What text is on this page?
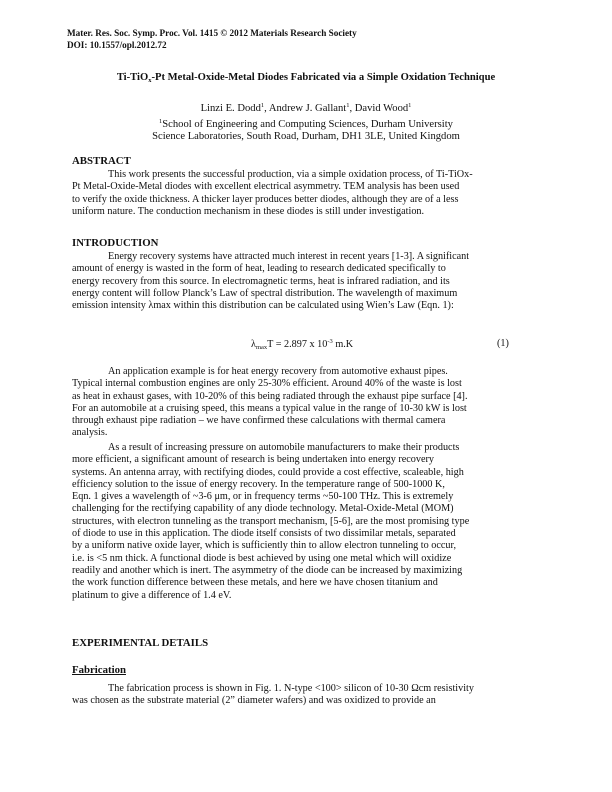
Mater. Res. Soc. Symp. Proc. Vol. 1415 © 2012 Materials Research Society
DOI: 10.1557/opl.2012.72
Ti-TiO$_x$-Pt Metal-Oxide-Metal Diodes Fabricated via a Simple Oxidation Technique
Linzi E. Dodd$^1$, Andrew J. Gallant$^1$, David Wood$^1$
$^1$School of Engineering and Computing Sciences, Durham University
Science Laboratories, South Road, Durham, DH1 3LE, United Kingdom
ABSTRACT
This work presents the successful production, via a simple oxidation process, of Ti-TiOx-
Pt Metal-Oxide-Metal diodes with excellent electrical asymmetry. TEM analysis has been used
to verify the oxide thickness. A thicker layer produces better diodes, although they are of a less
uniform nature. The conduction mechanism in these diodes is still under investigation.
INTRODUCTION
Energy recovery systems have attracted much interest in recent years [1-3]. A significant
amount of energy is wasted in the form of heat, leading to research dedicated specifically to
energy recovery from this source. In electromagnetic terms, heat is infrared radiation, and its
energy content will follow Planck’s Law of spectral distribution. The wavelength of maximum
emission intensity λmax within this distribution can be calculated using Wien’s Law (Eqn. 1):
$\lambda_{max}T = 2.897$ x $10^{-3}$ m.K	(1)
An application example is for heat energy recovery from automotive exhaust pipes.
Typical internal combustion engines are only 25-30% efficient. Around 40% of the waste is lost
as heat in exhaust gases, with 10-20% of this being radiated through the exhaust pipe surface [4].
For an automobile at a cruising speed, this means a typical value in the range of 10-30 kW is lost
through exhaust pipe radiation – we have confirmed these calculations with thermal camera
analysis.
As a result of increasing pressure on automobile manufacturers to make their products
more efficient, a significant amount of research is being undertaken into energy recovery
systems. An antenna array, with rectifying diodes, could provide a cost effective, scaleable, high
efficiency solution to the issue of energy recovery. In the temperature range of 500-1000 K,
Eqn. 1 gives a wavelength of ~3-6 μm, or in frequency terms ~50-100 THz. This is extremely
challenging for the rectifying capability of any diode technology. Metal-Oxide-Metal (MOM)
structures, with electron tunneling as the transport mechanism, [5-6], are the most promising type
of diode to use in this application. The diode itself consists of two dissimilar metals, separated
by a uniform native oxide layer, which is sufficiently thin to allow electron tunneling to occur,
i.e. is <5 nm thick. A functional diode is best achieved by using one metal which will oxidize
readily and another which is inert. The asymmetry of the diode can be increased by maximizing
the work function difference between these metals, and here we have chosen titanium and
platinum to give a difference of 1.4 eV.
EXPERIMENTAL DETAILS
Fabrication
The fabrication process is shown in Fig. 1. N-type <100> silicon of 10-30 Ωcm resistivity
was chosen as the substrate material (2” diameter wafers) and was oxidized to provide an
